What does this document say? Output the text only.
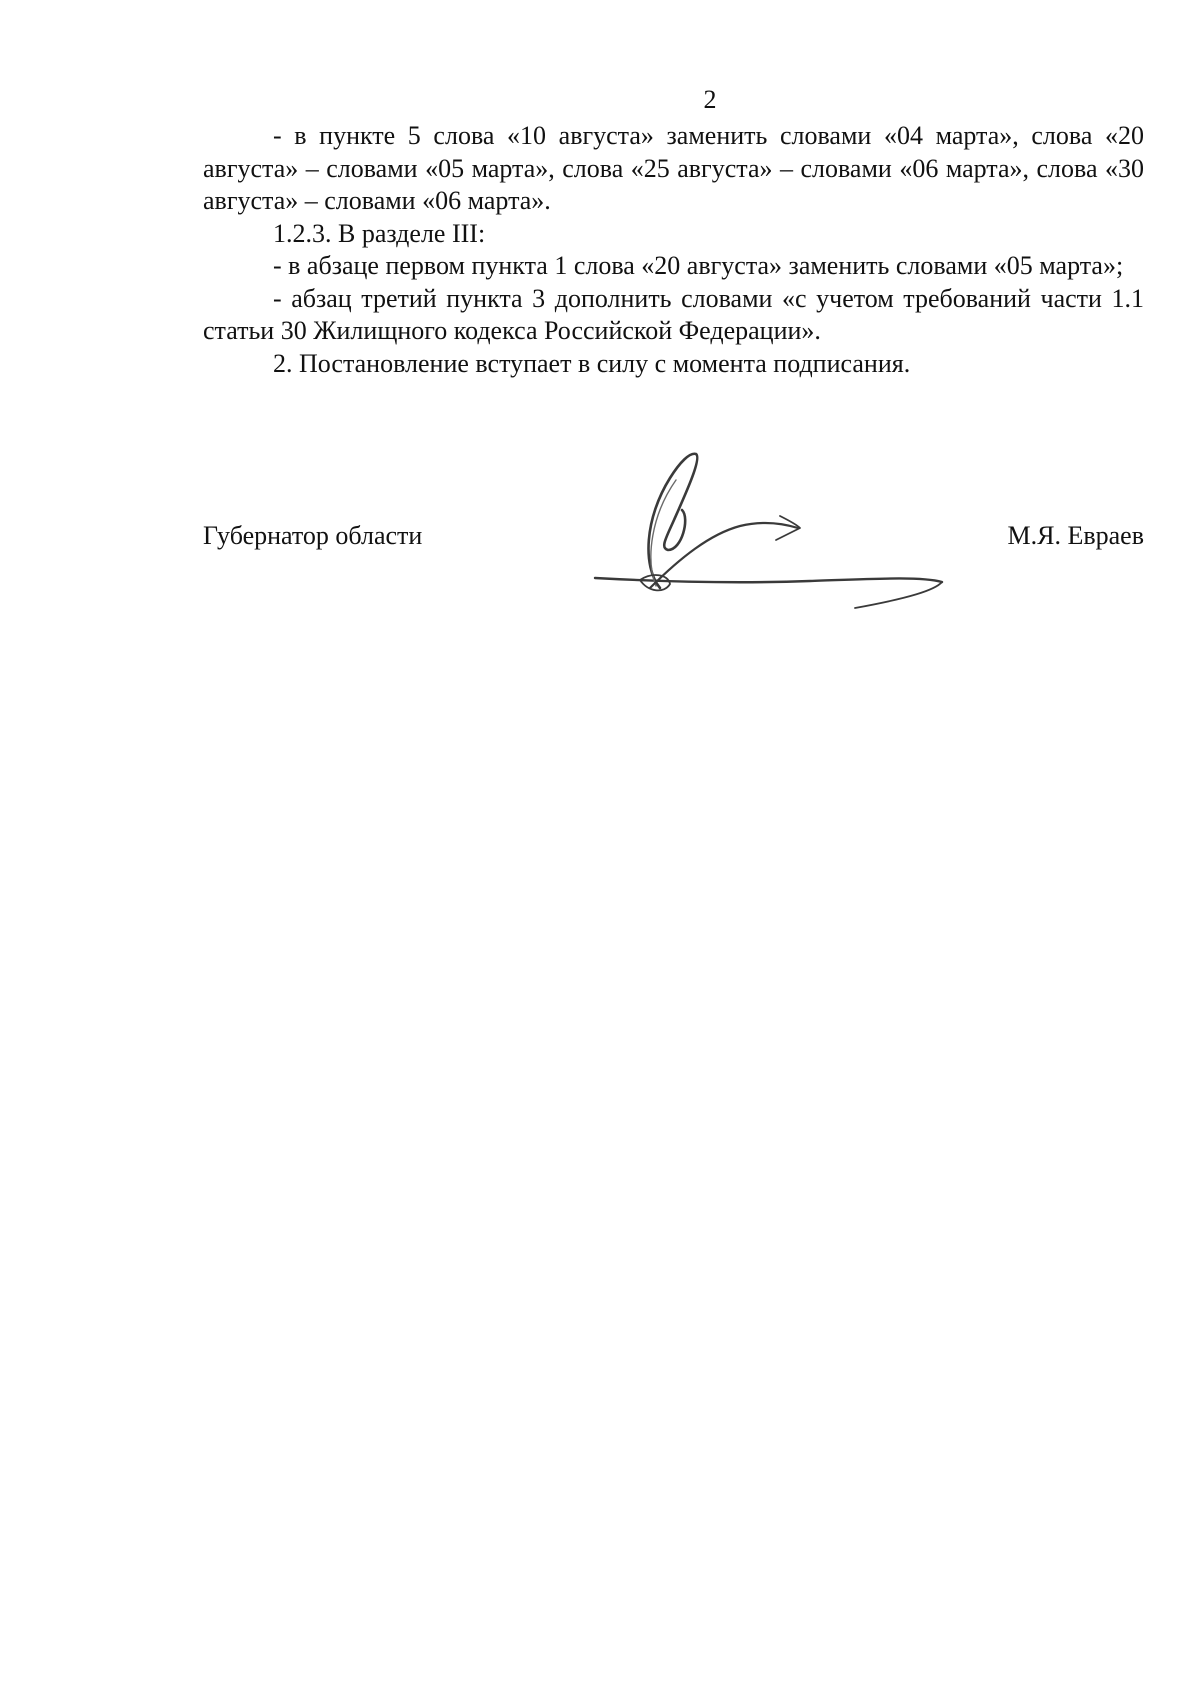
2

- в пункте 5 слова «10 августа» заменить словами «04 марта», слова «20 августа» – словами «05 марта», слова «25 августа» – словами «06 марта», слова «30 августа» – словами «06 марта».

1.2.3. В разделе III:

- в абзаце первом пункта 1 слова «20 августа» заменить словами «05 марта»;

- абзац третий пункта 3 дополнить словами «с учетом требований части 1.1 статьи 30 Жилищного кодекса Российской Федерации».

2. Постановление вступает в силу с момента подписания.

Губернатор области	М.Я. Евраев
